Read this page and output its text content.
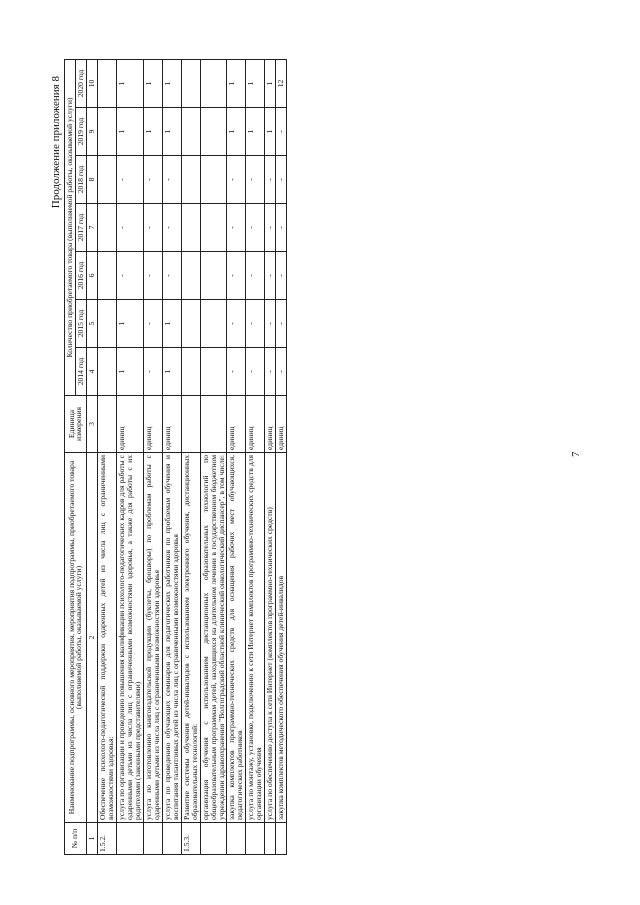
7
Продолжение приложения 8
№ п/п	Наименование подпрограммы, основного мероприятия, мероприятия подпрограммы, приобретаемого товара (выполняемой работы, оказываемой услуги)	Единица измерения	Количество приобретаемого товара (выполняемой работы, оказываемой услуги)						
			2014 год	2015 год	2016 год	2017 год	2018 год	2019 год	2020 год
1	2	3	4	5	6	7	8	9	10
1.5.2.	Обеспечение психолого-педагогической поддержки одаренных детей из числа лиц с ограниченными возможностями здоровья:								
	услуга по организации и проведению повышения квалификации психолого-педагогических кадров для работы с одаренными детьми из числа лиц с ограниченными возможностями здоровья, а также для работы с их родителями (законными представителями)	единиц	1	1	-	-	-	1	1
	услуга по изготовлению книгоиздательской продукции (буклеты, брошюры) по проблемам работы с одаренными детьми из числа лиц с ограниченными возможностями здоровья	единиц	-	-	-	-	-	1	1
	услуга по проведению обучающих семинаров для педагогических работников по проблемам обучения и воспитания талантливых детей из числа лиц с ограниченными возможностями здоровья	единиц	1	1	-	-	-	1	1
1.5.3.	Развитие системы обучения детей-инвалидов с использованием электронного обучения, дистанционных образовательных технологий:								
	организация обучения с использованием дистанционных образовательных технологий по общеобразовательным программам детей, находящихся на длительном лечении в государственном бюджетном учреждении здравоохранения "Волгоградский областной клинический онкологический диспансер", в том числе:								
	закупка комплектов программно-технических средств для оснащения рабочих мест обучающихся, педагогических работников	единиц	-	-	-	-	-	1	1
	услуга по монтажу, установке, подключению к сети Интернет комплектов программно-технических средств для организации обучения	единиц	-	-	-	-	-	1	1
	услуга по обеспечению доступа к сети Интернет (комплектов программно-технических средств)	единиц	-	-	-	-	-	1	1
	закупка комплектов методического обеспечения обучения детей-инвалидов	единиц	-	-	-	-	-	-	12
